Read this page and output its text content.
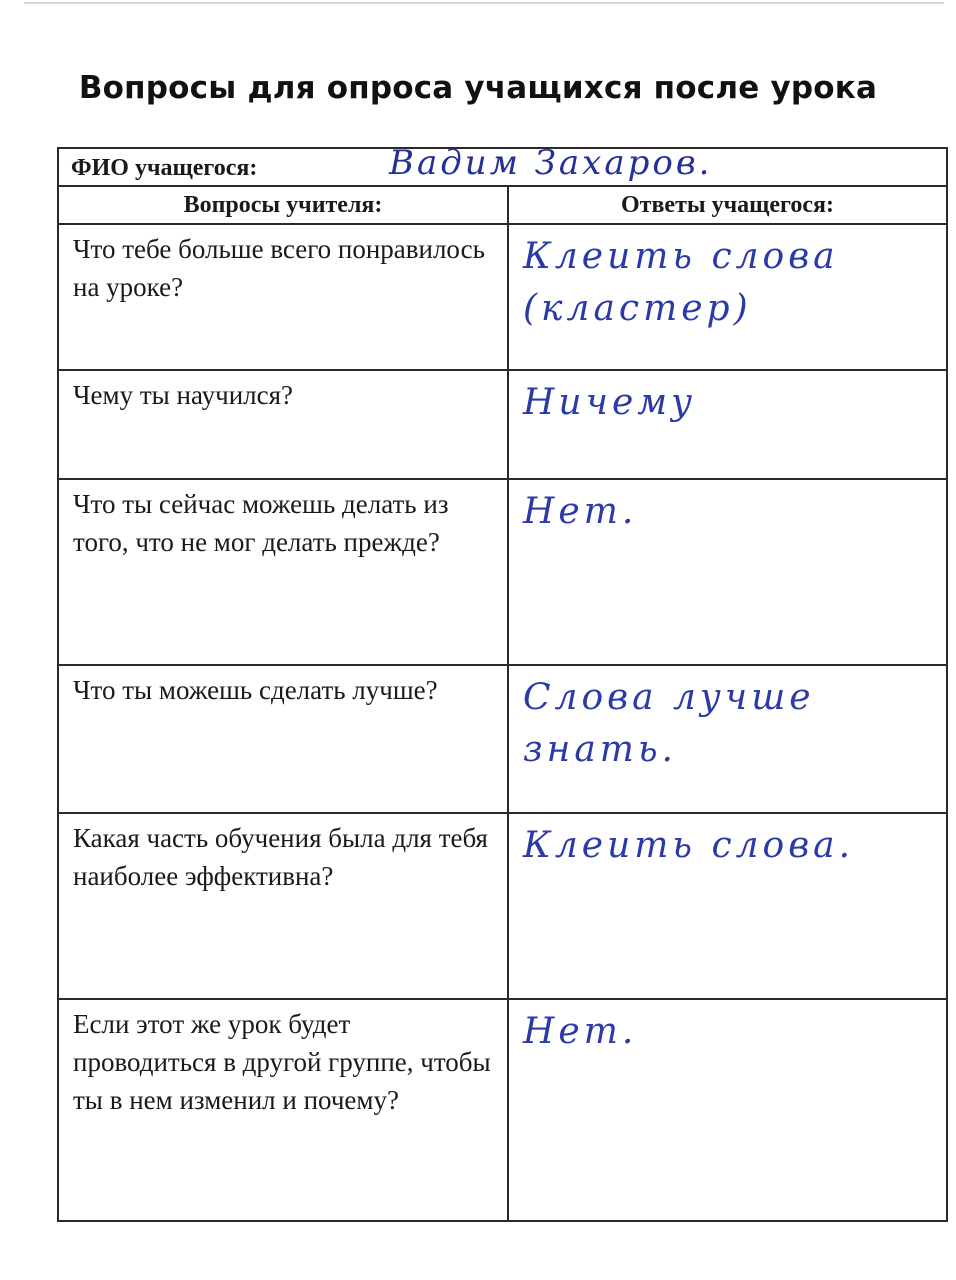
Вопросы для опроса учащихся после урока
ФИО учащегося: Вадим Захаров.	

Вопросы учителя:	Ответы учащегося:
Что тебе больше всего понравилось на уроке?	Клеить слова
(кластер)

Чему ты научился?	Ничему

Что ты сейчас можешь делать из того, что не мог делать прежде?	Нет.

Что ты можешь сделать лучше?	Слова лучше
знать.

Какая часть обучения была для тебя наиболее эффективна?	Клеить слова.

Если этот же урок будет проводиться в другой группе, чтобы ты в нем изменил и почему?	Нет.
